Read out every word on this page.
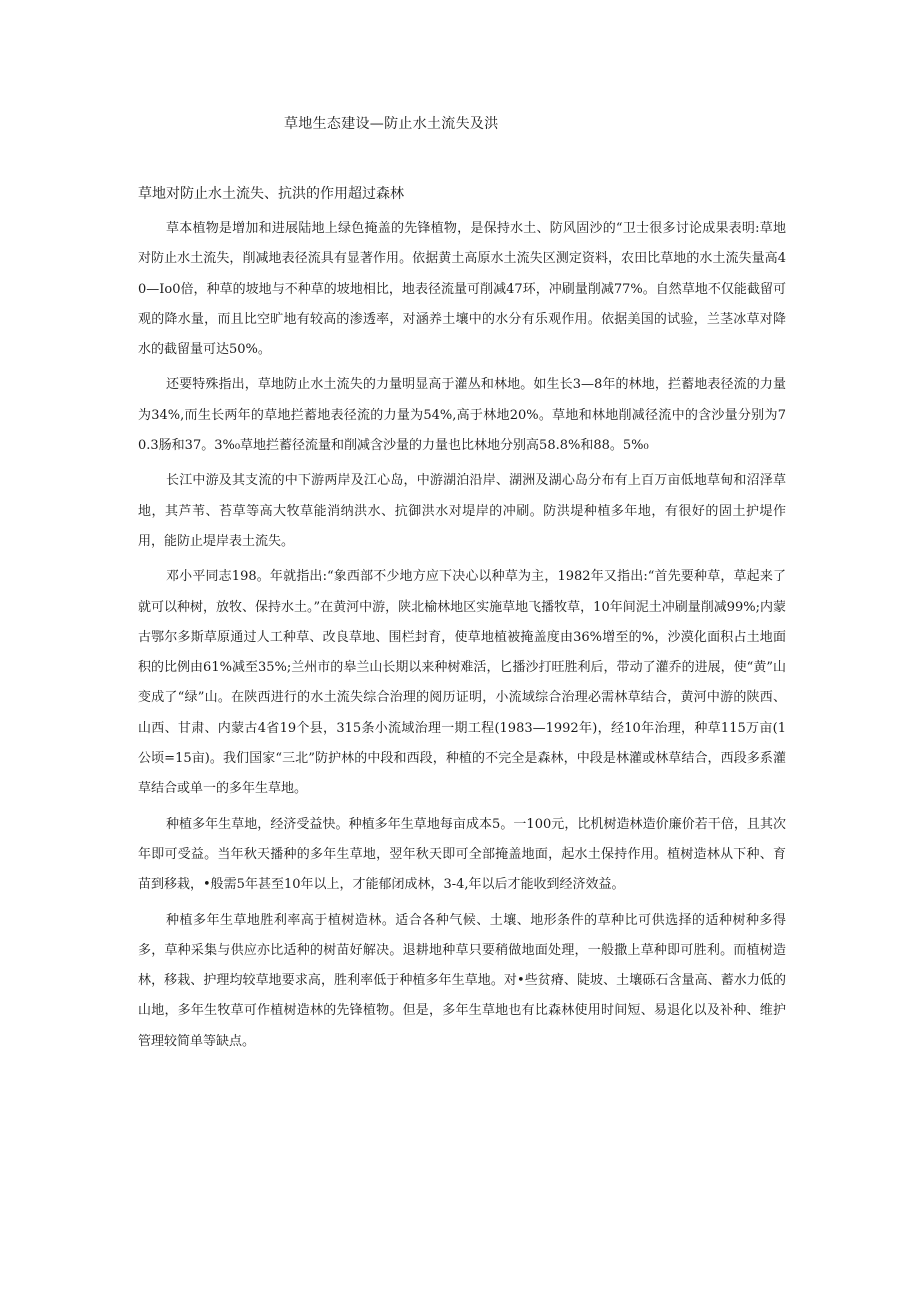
草地生态建设—防止水土流失及洪
草地对防止水土流失、抗洪的作用超过森林

草本植物是增加和进展陆地上绿色掩盖的先锋植物，是保持水土、防风固沙的“卫士很多讨论成果表明:草地对防止水土流失，削减地表径流具有显著作用。依据黄土高原水土流失区测定资料，农田比草地的水土流失量高40—Io0倍，种草的坡地与不种草的坡地相比，地表径流量可削减47环，冲刷量削减77%。自然草地不仅能截留可观的降水量，而且比空旷地有较高的渗透率，对涵养土壤中的水分有乐观作用。依据美国的试验，兰茎冰草对降水的截留量可达50%。

还要特殊指出，草地防止水土流失的力量明显高于灌丛和林地。如生长3—8年的林地，拦蓄地表径流的力量为34%,而生长两年的草地拦蓄地表径流的力量为54%,高于林地20%。草地和林地削减径流中的含沙量分别为70.3肠和37。3%₀草地拦蓄径流量和削减含沙量的力量也比林地分别高58.8%和88。5%₀

长江中游及其支流的中下游两岸及江心岛，中游湖泊沿岸、湖洲及湖心岛分布有上百万亩低地草甸和沼泽草地，其芦苇、苔草等高大牧草能消纳洪水、抗御洪水对堤岸的冲刷。防洪堤种植多年地，有很好的固土护堤作用，能防止堤岸表土流失。

邓小平同志198。年就指出:“象西部不少地方应下决心以种草为主，1982年又指出:“首先要种草，草起来了就可以种树，放牧、保持水土。”在黄河中游，陕北榆林地区实施草地飞播牧草，10年间泥土冲刷量削减99%;内蒙古鄂尔多斯草原通过人工种草、改良草地、围栏封育，使草地植被掩盖度由36%增至的%，沙漠化面积占土地面积的比例由61%减至35%;兰州市的皋兰山长期以来种树难活，匕播沙打旺胜利后，带动了灌乔的进展，使“黄”山变成了“绿”山。在陕西进行的水土流失综合治理的阅历证明，小流域综合治理必需林草结合，黄河中游的陕西、山西、甘肃、内蒙古4省19个县，315条小流域治理一期工程(1983—1992年)，经10年治理，种草115万亩(1公顷=15亩)。我们国家“三北”防护林的中段和西段，种植的不完全是森林，中段是林灌或林草结合，西段多系灌草结合或单一的多年生草地。

种植多年生草地，经济受益快。种植多年生草地每亩成本5。一100元，比机树造林造价廉价若干倍，且其次年即可受益。当年秋天播种的多年生草地，翌年秋天即可全部掩盖地面，起水土保持作用。植树造林从下种、育苗到移栽，•般需5年甚至10年以上，才能郁闭成林，3-4,年以后才能收到经济效益。

种植多年生草地胜利率高于植树造林。适合各种气候、土壤、地形条件的草种比可供选择的适种树种多得多，草种采集与供应亦比适种的树苗好解决。退耕地种草只要稍做地面处理，一般撒上草种即可胜利。而植树造林，移栽、护理均较草地要求高，胜利率低于种植多年生草地。对•些贫瘠、陡坡、土壤砾石含量高、蓄水力低的山地，多年生牧草可作植树造林的先锋植物。但是，多年生草地也有比森林使用时间短、易退化以及补种、维护管理较简单等缺点。
